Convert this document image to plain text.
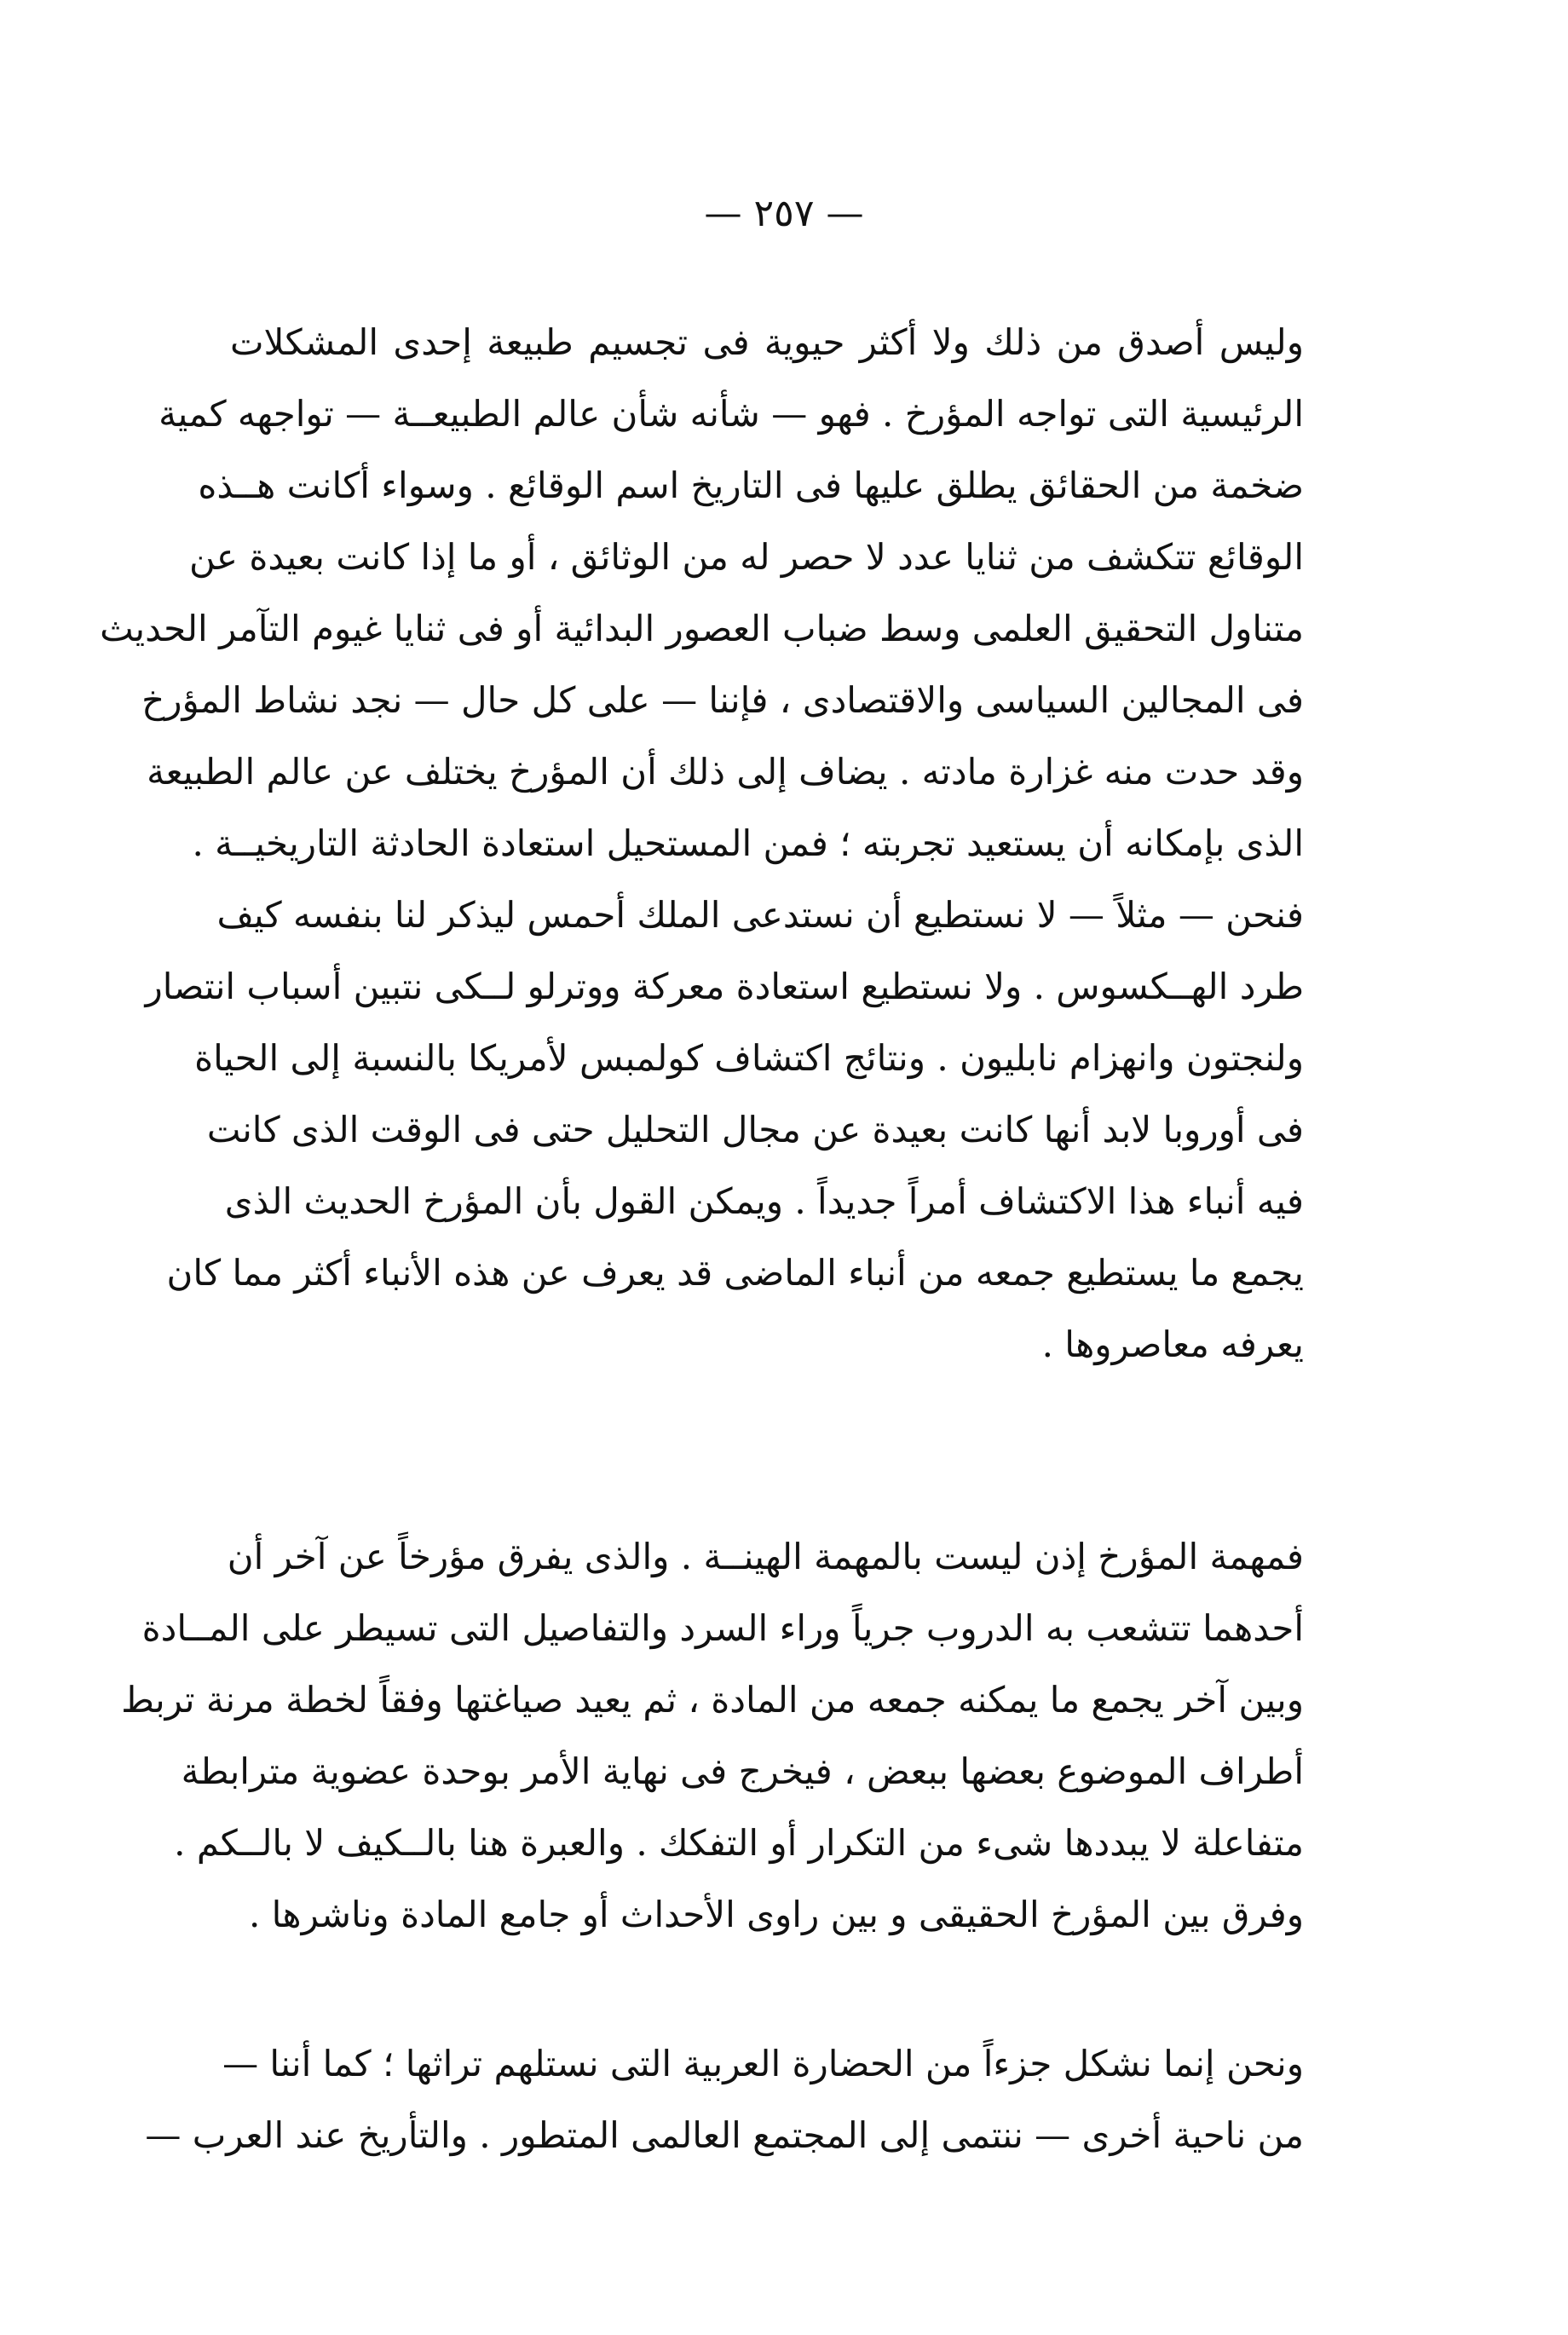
— ٢٥٧ —
وليس أصدق من ذلك ولا أكثر حيوية فى تجسيم طبيعة إحدى المشكلات
الرئيسية التى تواجه المؤرخ . فهو — شأنه شأن عالم الطبيعــة — تواجهه كمية
ضخمة من الحقائق يطلق عليها فى التاريخ اسم الوقائع . وسواء أكانت هــذه
الوقائع تتكشف من ثنايا عدد لا حصر له من الوثائق ، أو ما إذا كانت بعيدة عن
متناول التحقيق العلمى وسط ضباب العصور البدائية أو فى ثنايا غيوم التآمر الحديث
فى المجالين السياسى والاقتصادى ، فإننا — على كل حال — نجد نشاط المؤرخ
وقد حدت منه غزارة مادته . يضاف إلى ذلك أن المؤرخ يختلف عن عالم الطبيعة
الذى بإمكانه أن يستعيد تجربته ؛ فمن المستحيل استعادة الحادثة التاريخيــة .
فنحن — مثلاً — لا نستطيع أن نستدعى الملك أحمس ليذكر لنا بنفسه كيف
طرد الهــكسوس . ولا نستطيع استعادة معركة ووترلو لــكى نتبين أسباب انتصار
ولنجتون وانهزام نابليون . ونتائج اكتشاف كولمبس لأمريكا بالنسبة إلى الحياة
فى أوروبا لابد أنها كانت بعيدة عن مجال التحليل حتى فى الوقت الذى كانت
فيه أنباء هذا الاكتشاف أمراً جديداً . ويمكن القول بأن المؤرخ الحديث الذى
يجمع ما يستطيع جمعه من أنباء الماضى قد يعرف عن هذه الأنباء أكثر مما كان
يعرفه معاصروها .
فمهمة المؤرخ إذن ليست بالمهمة الهينــة . والذى يفرق مؤرخاً عن آخر أن
أحدهما تتشعب به الدروب جرياً وراء السرد والتفاصيل التى تسيطر على المــادة
وبين آخر يجمع ما يمكنه جمعه من المادة ، ثم يعيد صياغتها وفقاً لخطة مرنة تربط
أطراف الموضوع بعضها ببعض ، فيخرج فى نهاية الأمر بوحدة عضوية مترابطة
متفاعلة لا يبددها شىء من التكرار أو التفكك . والعبرة هنا بالــكيف لا بالــكم .
وفرق بين المؤرخ الحقيقى و بين راوى الأحداث أو جامع المادة وناشرها .
ونحن إنما نشكل جزءاً من الحضارة العربية التى نستلهم تراثها ؛ كما أننا —
من ناحية أخرى — ننتمى إلى المجتمع العالمى المتطور . والتأريخ عند العرب —
